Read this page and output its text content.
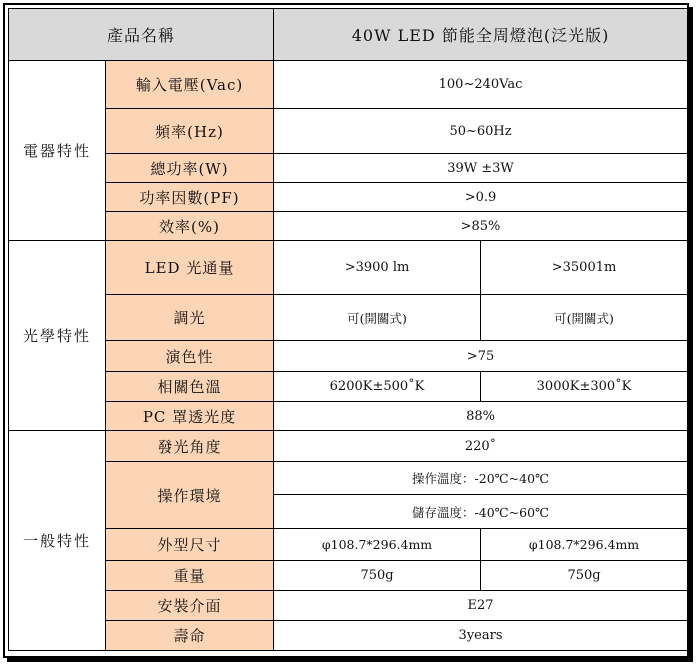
產品名稱		40W LED 節能全周燈泡(泛光版)	
電器特性	輸入電壓(Vac)	100~240Vac	
	頻率(Hz)	50~60Hz	
	總功率(W)	39W ±3W	
	功率因數(PF)	>0.9	
	效率(%)	>85%	
光學特性	LED 光通量	>3900 lm	>35001m
	調光	可(開關式)	可(開關式)
	演色性	>75	
	相關色溫	6200K±500˚K	3000K±300˚K
	PC 罩透光度	88%	
一般特性	發光角度	220˚	
	操作環境	操作溫度：-20℃~40℃	
		儲存溫度：-40℃~60℃	
	外型尺寸	φ108.7*296.4mm	φ108.7*296.4mm
	重量	750g	750g
	安裝介面	E27	
	壽命	3years	
